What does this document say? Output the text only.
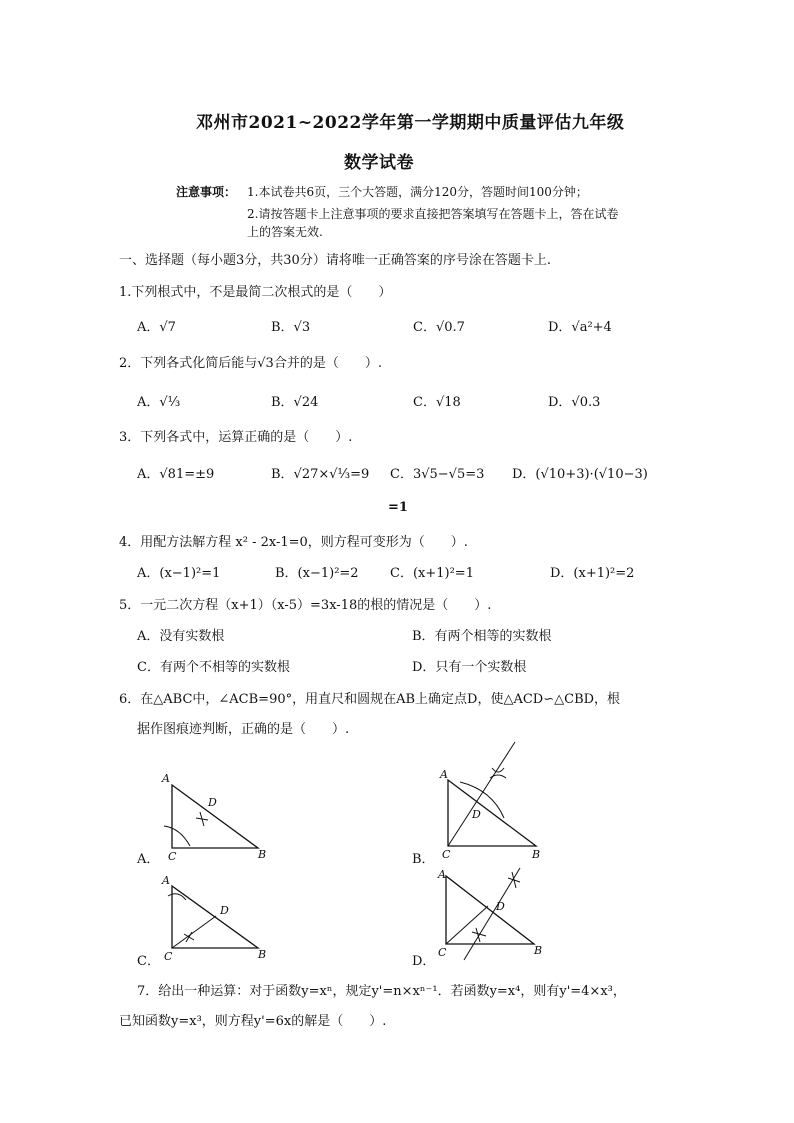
邓州市2021~2022学年第一学期期中质量评估九年级
数学试卷
注意事项： 1.本试卷共6页，三个大答题，满分120分，答题时间100分钟；
2.请按答题卡上注意事项的要求直接把答案填写在答题卡上，答在试卷
上的答案无效.
一、选择题（每小题3分，共30分）请将唯一正确答案的序号涂在答题卡上.
1.下列根式中，不是最简二次根式的是（　　）
A．√7	B．√3	C．√0.7	D．√a²+4
2．下列各式化简后能与√3合并的是（　　）.
A．√⅓	B．√24	C．√18	D．√0.3
3．下列各式中，运算正确的是（　　）.
A．√81=±9	B．√27×√⅓=9 C．3√5−√5=3 D．(√10+3)·(√10−3)
=1
4．用配方法解方程 x² - 2x-1=0，则方程可变形为（　　）.
A．(x−1)²=1	B．(x−1)²=2 C．(x+1)²=1	D．(x+1)²=2
5．一元二次方程（x+1）（x-5）=3x-18的根的情况是（　　）.
A．没有实数根	B．有两个相等的实数根
C．有两个不相等的实数根	D．只有一个实数根
6．在△ABC中，∠ACB=90°，用直尺和圆规在AB上确定点D，使△ACD∽△CBD，根
据作图痕迹判断，正确的是（　　）.
A．	B．
C．	D．
A
C	B
D
A
C	B
D
A
C	B
D
A
C	B
D
7．给出一种运算：对于函数y=xⁿ，规定y'=n×xⁿ⁻¹．若函数y=x⁴，则有y'=4×x³，
已知函数y=x³，则方程y'=6x的解是（　　）.
